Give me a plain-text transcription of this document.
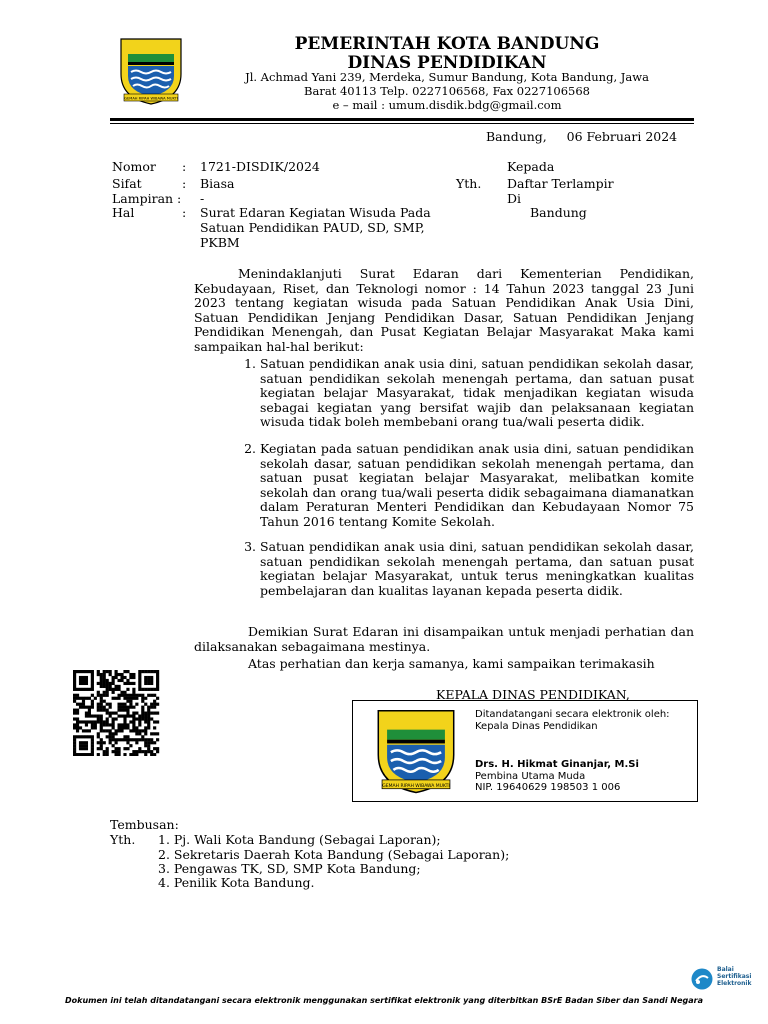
GEMAH RIPAH WIBAWA MUKTI
PEMERINTAH KOTA BANDUNG
DINAS PENDIDIKAN
Jl. Achmad Yani 239, Merdeka, Sumur Bandung, Kota Bandung, Jawa
Barat 40113 Telp. 0227106568, Fax 0227106568
e – mail : umum.disdik.bdg@gmail.com
Bandung,     06 Februari 2024
Nomor : 1721-DISDIK/2024
Sifat	: Biasa
Lampiran : -
Hal	: Surat Edaran Kegiatan Wisuda Pada
Satuan Pendidikan PAUD, SD, SMP,
PKBM
Kepada
Yth. Daftar Terlampir
Di
Bandung
Menindaklanjuti Surat Edaran dari Kementerian Pendidikan, Kebudayaan, Riset, dan Teknologi nomor : 14 Tahun 2023 tanggal 23 Juni 2023 tentang kegiatan wisuda pada Satuan Pendidikan Anak Usia Dini, Satuan Pendidikan Jenjang Pendidikan Dasar, Satuan Pendidikan Jenjang Pendidikan Menengah, dan Pusat Kegiatan Belajar Masyarakat Maka kami sampaikan hal-hal berikut:
1. Satuan pendidikan anak usia dini, satuan pendidikan sekolah dasar, satuan pendidikan sekolah menengah pertama, dan satuan pusat kegiatan belajar Masyarakat, tidak menjadikan kegiatan wisuda sebagai kegiatan yang bersifat wajib dan pelaksanaan kegiatan wisuda tidak boleh membebani orang tua/wali peserta didik.
2. Kegiatan pada satuan pendidikan anak usia dini, satuan pendidikan sekolah dasar, satuan pendidikan sekolah menengah pertama, dan satuan pusat kegiatan belajar Masyarakat, melibatkan komite sekolah dan orang tua/wali peserta didik sebagaimana diamanatkan dalam Peraturan Menteri Pendidikan dan Kebudayaan Nomor 75 Tahun 2016 tentang Komite Sekolah.
3. Satuan pendidikan anak usia dini, satuan pendidikan sekolah dasar, satuan pendidikan sekolah menengah pertama, dan satuan pusat kegiatan belajar Masyarakat, untuk terus meningkatkan kualitas pembelajaran dan kualitas layanan kepada peserta didik.
Demikian Surat Edaran ini disampaikan untuk menjadi perhatian dan dilaksanakan sebagaimana mestinya.
Atas perhatian dan kerja samanya, kami sampaikan terimakasih
KEPALA DINAS PENDIDIKAN,
GEMAH RIPAH WIBAWA MUKTI
Ditandatangani secara elektronik oleh:
Kepala Dinas Pendidikan
Drs. H. Hikmat Ginanjar, M.Si
Pembina Utama Muda
NIP. 19640629 198503 1 006
Tembusan:
Yth. 1. Pj. Wali Kota Bandung (Sebagai Laporan);
2. Sekretaris Daerah Kota Bandung (Sebagai Laporan);
3. Pengawas TK, SD, SMP Kota Bandung;
4. Penilik Kota Bandung.
Balai
Sertifikasi
Elektronik
Dokumen ini telah ditandatangani secara elektronik menggunakan sertifikat elektronik yang diterbitkan BSrE Badan Siber dan Sandi Negara
